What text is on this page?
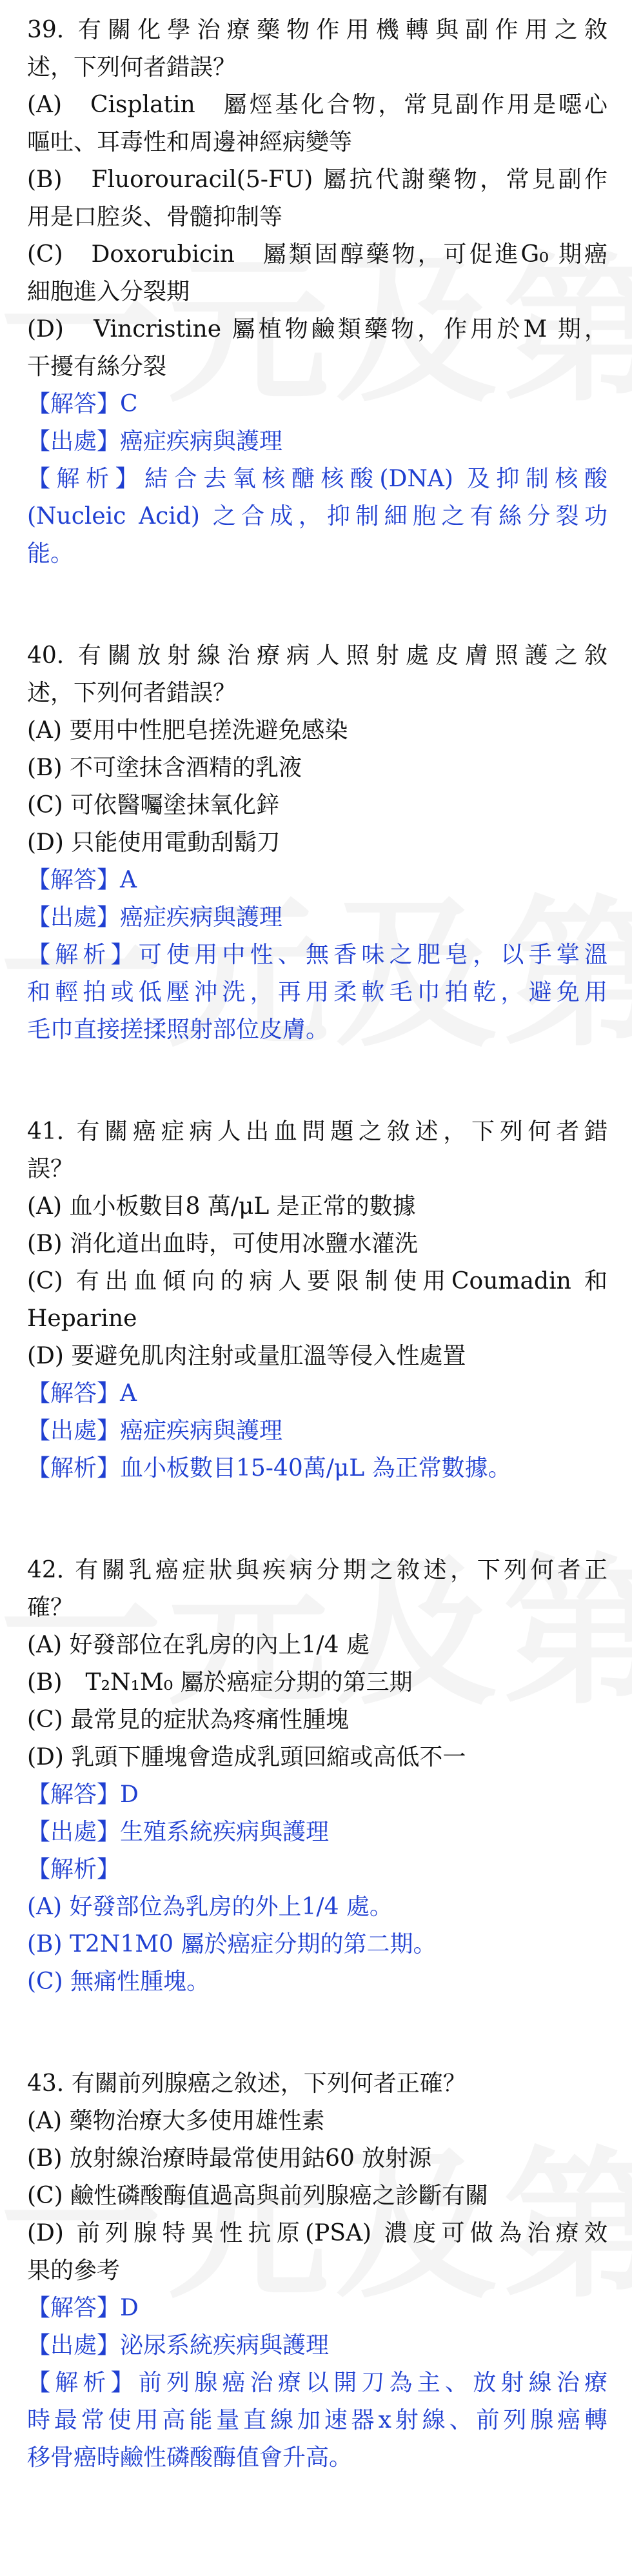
39. 有關化學治療藥物作用機轉與副作用之敘
述，下列何者錯誤？
(A)　Cisplatin　屬烴基化合物，常見副作用是噁心
嘔吐、耳毒性和周邊神經病變等
(B)　Fluorouracil(5-FU) 屬抗代謝藥物，常見副作
用是口腔炎、骨髓抑制等
(C)　Doxorubicin　屬類固醇藥物，可促進G₀ 期癌
細胞進入分裂期
(D)　Vincristine 屬植物鹼類藥物，作用於M 期，
干擾有絲分裂
【解答】C
【出處】癌症疾病與護理
【解析】結合去氧核醣核酸(DNA) 及抑制核酸
(Nucleic Acid) 之合成，抑制細胞之有絲分裂功
能。
40. 有關放射線治療病人照射處皮膚照護之敘
述，下列何者錯誤？
(A) 要用中性肥皂搓洗避免感染
(B) 不可塗抹含酒精的乳液
(C) 可依醫囑塗抹氧化鋅
(D) 只能使用電動刮鬍刀
【解答】A
【出處】癌症疾病與護理
【解析】可使用中性、無香味之肥皂，以手掌溫
和輕拍或低壓沖洗，再用柔軟毛巾拍乾，避免用
毛巾直接搓揉照射部位皮膚。
41. 有關癌症病人出血問題之敘述，下列何者錯
誤？
(A) 血小板數目8 萬/μL 是正常的數據
(B) 消化道出血時，可使用冰鹽水灌洗
(C) 有出血傾向的病人要限制使用Coumadin 和
Heparine
(D) 要避免肌肉注射或量肛溫等侵入性處置
【解答】A
【出處】癌症疾病與護理
【解析】血小板數目15-40萬/μL 為正常數據。
42. 有關乳癌症狀與疾病分期之敘述，下列何者正
確？
(A) 好發部位在乳房的內上1/4 處
(B)　T₂N₁M₀ 屬於癌症分期的第三期
(C) 最常見的症狀為疼痛性腫塊
(D) 乳頭下腫塊會造成乳頭回縮或高低不一
【解答】D
【出處】生殖系統疾病與護理
【解析】
(A) 好發部位為乳房的外上1/4 處。
(B) T2N1M0 屬於癌症分期的第二期。
(C) 無痛性腫塊。
43. 有關前列腺癌之敘述，下列何者正確？
(A) 藥物治療大多使用雄性素
(B) 放射線治療時最常使用鈷60 放射源
(C) 鹼性磷酸酶值過高與前列腺癌之診斷有關
(D) 前列腺特異性抗原(PSA) 濃度可做為治療效
果的參考
【解答】D
【出處】泌尿系統疾病與護理
【解析】前列腺癌治療以開刀為主、放射線治療
時最常使用高能量直線加速器x射線、前列腺癌轉
移骨癌時鹼性磷酸酶值會升高。
